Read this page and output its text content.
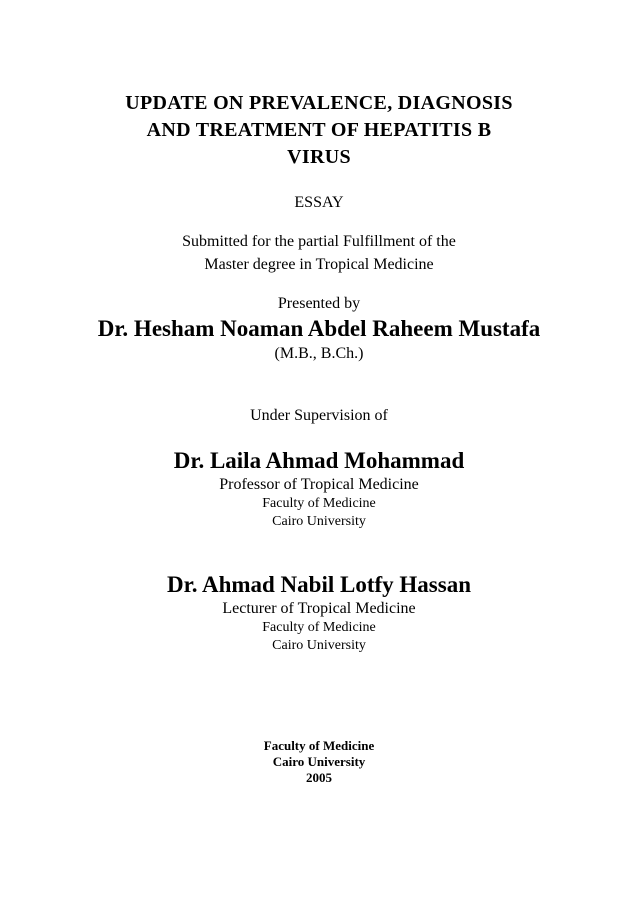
UPDATE ON PREVALENCE, DIAGNOSIS

AND TREATMENT OF HEPATITIS B

VIRUS

ESSAY

Submitted for the partial Fulfillment of the

Master degree in Tropical Medicine

Presented by

Dr. Hesham Noaman Abdel Raheem Mustafa

(M.B., B.Ch.)

Under Supervision of

Dr. Laila Ahmad Mohammad

Professor of Tropical Medicine

Faculty of Medicine

Cairo University

Dr. Ahmad Nabil Lotfy Hassan

Lecturer of Tropical Medicine

Faculty of Medicine

Cairo University

Faculty of Medicine

Cairo University

2005
